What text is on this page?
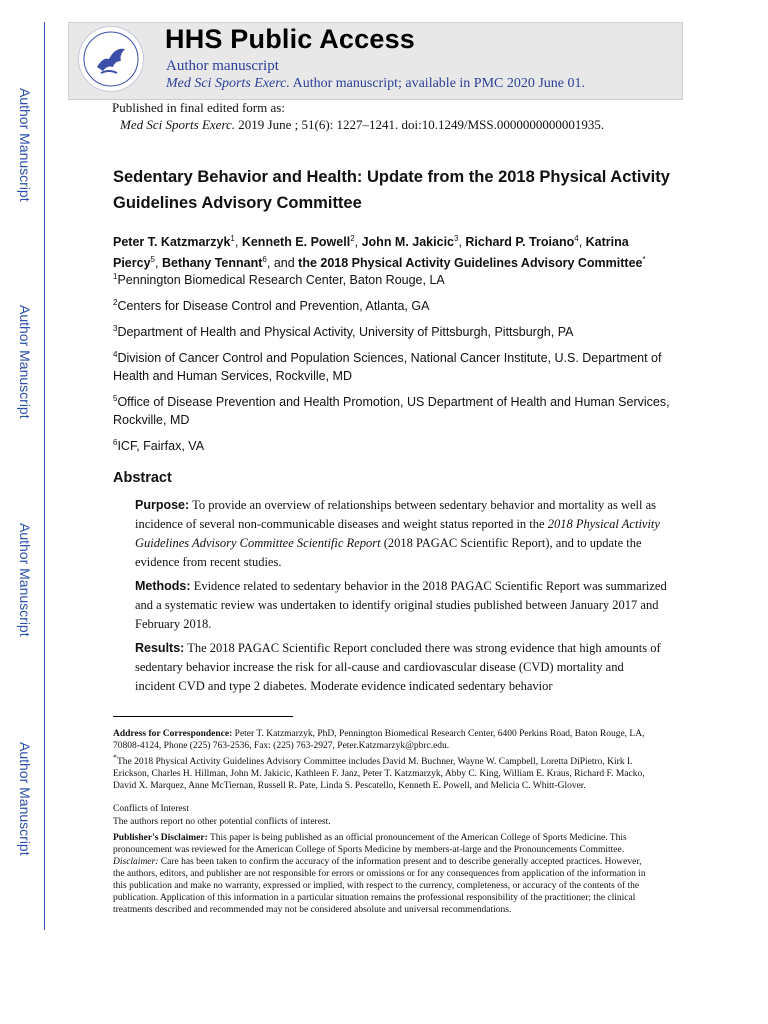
HHS Public Access
Author manuscript
Med Sci Sports Exerc. Author manuscript; available in PMC 2020 June 01.
Author Manuscript
Author Manuscript
Author Manuscript
Author Manuscript
Published in final edited form as:
Med Sci Sports Exerc. 2019 June ; 51(6): 1227–1241. doi:10.1249/MSS.0000000000001935.
Sedentary Behavior and Health: Update from the 2018 Physical Activity Guidelines Advisory Committee
Peter T. Katzmarzyk$^1$, Kenneth E. Powell$^2$, John M. Jakicic$^3$, Richard P. Troiano$^4$, Katrina Piercy$^5$, Bethany Tennant$^6$, and the 2018 Physical Activity Guidelines Advisory Committee*
$^1$Pennington Biomedical Research Center, Baton Rouge, LA
$^2$Centers for Disease Control and Prevention, Atlanta, GA
$^3$Department of Health and Physical Activity, University of Pittsburgh, Pittsburgh, PA
$^4$Division of Cancer Control and Population Sciences, National Cancer Institute, U.S. Department of Health and Human Services, Rockville, MD
$^5$Office of Disease Prevention and Health Promotion, US Department of Health and Human Services, Rockville, MD
$^6$ICF, Fairfax, VA
Abstract
Purpose: To provide an overview of relationships between sedentary behavior and mortality as well as incidence of several non-communicable diseases and weight status reported in the 2018 Physical Activity Guidelines Advisory Committee Scientific Report (2018 PAGAC Scientific Report), and to update the evidence from recent studies.
Methods: Evidence related to sedentary behavior in the 2018 PAGAC Scientific Report was summarized and a systematic review was undertaken to identify original studies published between January 2017 and February 2018.
Results: The 2018 PAGAC Scientific Report concluded there was strong evidence that high amounts of sedentary behavior increase the risk for all-cause and cardiovascular disease (CVD) mortality and incident CVD and type 2 diabetes. Moderate evidence indicated sedentary behavior
Address for Correspondence: Peter T. Katzmarzyk, PhD, Pennington Biomedical Research Center, 6400 Perkins Road, Baton Rouge, LA, 70808-4124, Phone (225) 763-2536, Fax: (225) 763-2927, Peter.Katzmarzyk@pbrc.edu.
*The 2018 Physical Activity Guidelines Advisory Committee includes David M. Buchner, Wayne W. Campbell, Loretta DiPietro, Kirk I. Erickson, Charles H. Hillman, John M. Jakicic, Kathleen F. Janz, Peter T. Katzmarzyk, Abby C. King, William E. Kraus, Richard F. Macko, David X. Marquez, Anne McTiernan, Russell R. Pate, Linda S. Pescatello, Kenneth E. Powell, and Melicia C. Whitt-Glover.
Conflicts of Interest
The authors report no other potential conflicts of interest.
Publisher's Disclaimer: This paper is being published as an official pronouncement of the American College of Sports Medicine. This pronouncement was reviewed for the American College of Sports Medicine by members-at-large and the Pronouncements Committee. Disclaimer: Care has been taken to confirm the accuracy of the information present and to describe generally accepted practices. However, the authors, editors, and publisher are not responsible for errors or omissions or for any consequences from application of the information in this publication and make no warranty, expressed or implied, with respect to the currency, completeness, or accuracy of the contents of the publication. Application of this information in a particular situation remains the professional responsibility of the practitioner; the clinical treatments described and recommended may not be considered absolute and universal recommendations.
